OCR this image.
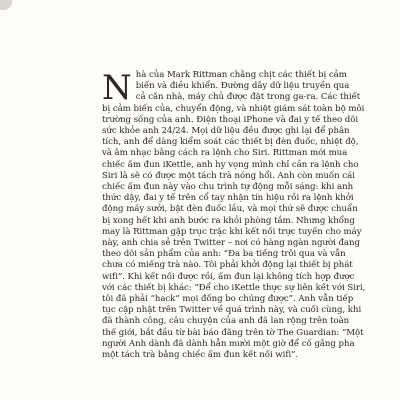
N hà của Mark Rittman chằng chịt các thiết bị cảm
biến và điều khiển. Đường dây dữ liệu truyền qua
cả căn nhà, máy chủ được đặt trong ga-ra. Các thiết
bị cảm biến của, chuyển động, và nhiệt giám sát toàn bộ môi
trường sống của anh. Điện thoại iPhone và đai y tế theo dõi
sức khỏe anh 24/24. Mọi dữ liệu đều được ghi lại để phân
tích, anh để dàng kiểm soát các thiết bị đèn đuốc, nhiệt độ,
và âm nhạc bằng cách ra lệnh cho Siri. Rittman mới mua
chiếc ấm đun iKettle, anh hy vọng mình chỉ cần ra lệnh cho
Siri là sẽ có được một tách trà nóng hổi. Anh còn muốn cái
chiếc ấm đun này vào chu trình tự động mỗi sáng: khi anh
thức dậy, đai y tế trên cổ tay nhận tín hiệu rồi ra lệnh khởi
động máy sưởi, bật đèn đuốc lầu, và mọi thứ sẽ được chuẩn
bị xong hết khi anh bước ra khỏi phòng tắm. Nhưng khổng
may là Rittman gặp trục trặc khi kết nối trực tuyến cho máy
này, anh chia sẻ trên Twitter – nơi có hàng ngàn người đang
theo dõi sản phẩm của anh: “Đa ba tiếng trôi qua và vẫn
chưa có miếng trà nào. Tôi phải khởi động lại thiết bị phát
wifi”. Khi kết nối được rồi, ấm đun lại không tích hợp được
với các thiết bị khác: “Để cho iKettle thực sự liên kết với Siri,
tôi đã phải “hack” mọi đống bo chúng được”. Anh vẫn tiếp
tục cập nhật trên Twitter về quá trình này, và cuối cùng, khi
đã thành công, câu chuyện của anh đã lan rộng trên toàn
thế giới, bắt đầu từ bài báo đăng trên tờ The Guardian: “Một
người Anh dành đã dành hẳn mười một giờ để cố gắng pha
một tách trà bằng chiếc ấm đun kết nối wifi”.
